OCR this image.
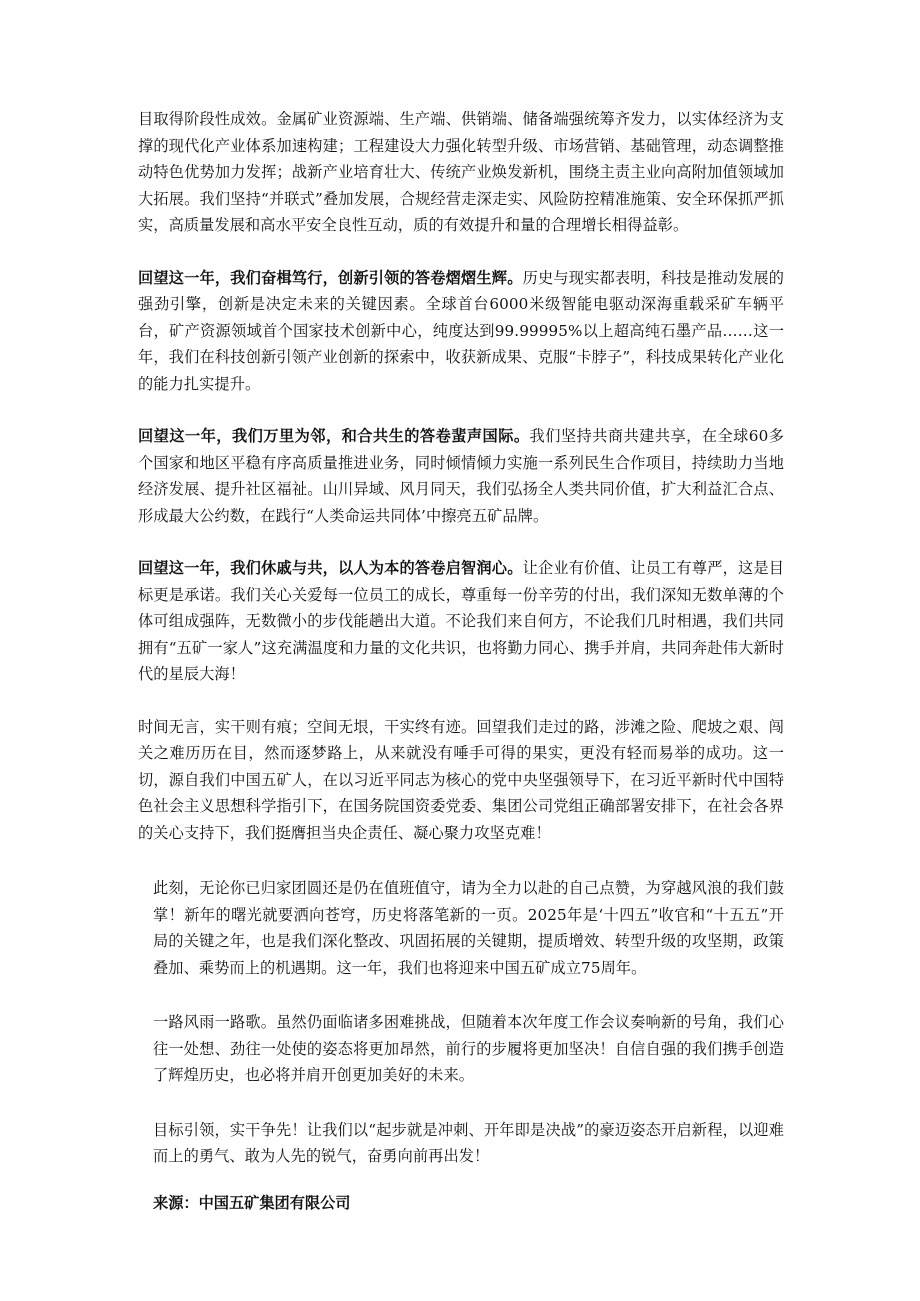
目取得阶段性成效。金属矿业资源端、生产端、供销端、储备端强统筹齐发力，以实体经济为支撑的现代化产业体系加速构建；工程建设大力强化转型升级、市场营销、基础管理，动态调整推动特色优势加力发挥；战新产业培育壮大、传统产业焕发新机，围绕主责主业向高附加值领域加大拓展。我们坚持“并联式”叠加发展，合规经营走深走实、风险防控精准施策、安全环保抓严抓实，高质量发展和高水平安全良性互动，质的有效提升和量的合理增长相得益彰。

回望这一年，我们奋楫笃行，创新引领的答卷熠熠生辉。历史与现实都表明，科技是推动发展的强劲引擎，创新是决定未来的关键因素。全球首台6000米级智能电驱动深海重载采矿车辆平台，矿产资源领域首个国家技术创新中心，纯度达到99.99995%以上超高纯石墨产品……这一年，我们在科技创新引领产业创新的探索中，收获新成果、克服“卡脖子”，科技成果转化产业化的能力扎实提升。

回望这一年，我们万里为邻，和合共生的答卷蜚声国际。我们坚持共商共建共享，在全球60多个国家和地区平稳有序高质量推进业务，同时倾情倾力实施一系列民生合作项目，持续助力当地经济发展、提升社区福祉。山川异域、风月同天，我们弘扬全人类共同价值，扩大利益汇合点、形成最大公约数，在践行“人类命运共同体’中擦亮五矿品牌。

回望这一年，我们休戚与共，以人为本的答卷启智润心。让企业有价值、让员工有尊严，这是目标更是承诺。我们关心关爱每一位员工的成长，尊重每一份辛劳的付出，我们深知无数单薄的个体可组成强阵，无数微小的步伐能趟出大道。不论我们来自何方，不论我们几时相遇，我们共同拥有“五矿一家人”这充满温度和力量的文化共识，也将勤力同心、携手并肩，共同奔赴伟大新时代的星辰大海！

时间无言，实干则有痕；空间无垠，干实终有迹。回望我们走过的路，涉滩之险、爬坡之艰、闯关之难历历在目，然而逐梦路上，从来就没有唾手可得的果实，更没有轻而易举的成功。这一切，源自我们中国五矿人，在以习近平同志为核心的党中央坚强领导下，在习近平新时代中国特色社会主义思想科学指引下，在国务院国资委党委、集团公司党组正确部署安排下，在社会各界的关心支持下，我们挺膺担当央企责任、凝心聚力攻坚克难！

此刻，无论你已归家团圆还是仍在值班值守，请为全力以赴的自己点赞，为穿越风浪的我们鼓掌！新年的曙光就要洒向苍穹，历史将落笔新的一页。2025年是‘十四五”收官和“十五五”开局的关键之年，也是我们深化整改、巩固拓展的关键期，提质增效、转型升级的攻坚期，政策叠加、乘势而上的机遇期。这一年，我们也将迎来中国五矿成立75周年。

一路风雨一路歌。虽然仍面临诸多困难挑战，但随着本次年度工作会议奏响新的号角，我们心往一处想、劲往一处使的姿态将更加昂然，前行的步履将更加坚决！自信自强的我们携手创造了辉煌历史，也必将并肩开创更加美好的未来。

目标引领，实干争先！让我们以“起步就是冲刺、开年即是决战”的豪迈姿态开启新程，以迎难而上的勇气、敢为人先的锐气，奋勇向前再出发！

来源：中国五矿集团有限公司
